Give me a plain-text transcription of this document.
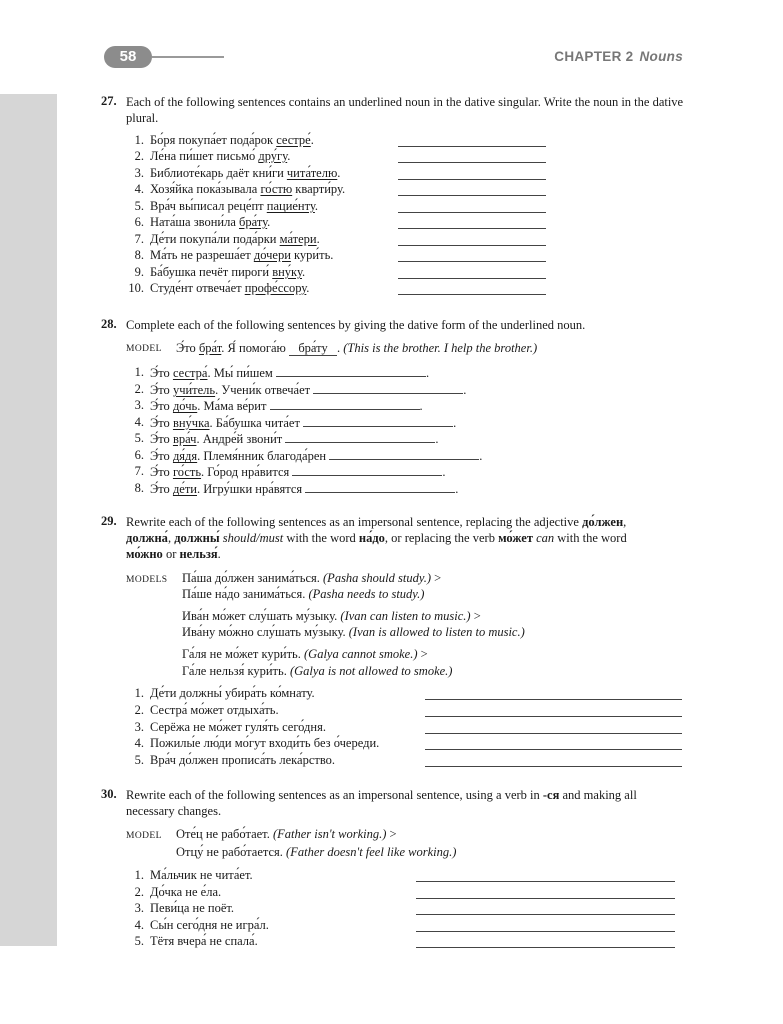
58	CHAPTER 2 Nouns
27. Each of the following sentences contains an underlined noun in the dative singular. Write the noun in the dative plural.
1. Бо́ря покупа́ет пода́рок сестре́.
2. Ле́на пи́шет письмо́ дру́гу.
3. Библиоте́карь даёт кни́ги чита́телю.
4. Хозя́йка пока́зывала го́стю кварти́ру.
5. Вра́ч вы́писал реце́пт пацие́нту.
6. Ната́ша звони́ла бра́ту.
7. Де́ти покупа́ли пода́рки ма́тери.
8. Ма́ть не разреша́ет до́чери кури́ть.
9. Ба́бушка печёт пироги́ вну́ку.
10. Студе́нт отвеча́ет профе́ссору.
28. Complete each of the following sentences by giving the dative form of the underlined noun.
MODEL Э́то бра́т. Я́ помога́ю бра́ту . (This is the brother. I help the brother.)
1. Э́то сестра́. Мы́ пи́шем	.
2. Э́то учи́тель. Учени́к отвеча́ет	.
3. Э́то до́чь. Ма́ма ве́рит	.
4. Э́то вну́чка. Ба́бушка чита́ет	.
5. Э́то вра́ч. Андре́й звони́т	.
6. Э́то дя́дя. Племя́нник благода́рен	.
7. Э́то го́сть. Го́род нра́вится	.
8. Э́то де́ти. Игру́шки нра́вятся	.
29. Rewrite each of the following sentences as an impersonal sentence, replacing the adjective до́лжен,
должна́, должны́ should/must with the word на́до, or replacing the verb мо́жет can with the word
мо́жно or нельзя́.
MODELS Па́ша до́лжен занима́ться. (Pasha should study.) >
Па́ше на́до занима́ться. (Pasha needs to study.)
Ива́н мо́жет слу́шать му́зыку. (Ivan can listen to music.) >
Ива́ну мо́жно слу́шать му́зыку. (Ivan is allowed to listen to music.)
Га́ля не мо́жет кури́ть. (Galya cannot smoke.) >
Га́ле нельзя́ кури́ть. (Galya is not allowed to smoke.)
1. Де́ти должны́ убира́ть ко́мнату.
2. Сестра́ мо́жет отдыха́ть.
3. Серёжа не мо́жет гуля́ть сего́дня.
4. Пожилы́е лю́ди мо́гут входи́ть без о́череди.
5. Вра́ч до́лжен прописа́ть лека́рство.
30. Rewrite each of the following sentences as an impersonal sentence, using a verb in -ся and making all necessary changes.
MODEL Оте́ц не рабо́тает. (Father isn't working.) >
Отцу́ не рабо́тается. (Father doesn't feel like working.)
1. Ма́льчик не чита́ет.
2. До́чка не е́ла.
3. Певи́ца не поёт.
4. Сы́н сего́дня не игра́л.
5. Тётя вчера́ не спала́.
